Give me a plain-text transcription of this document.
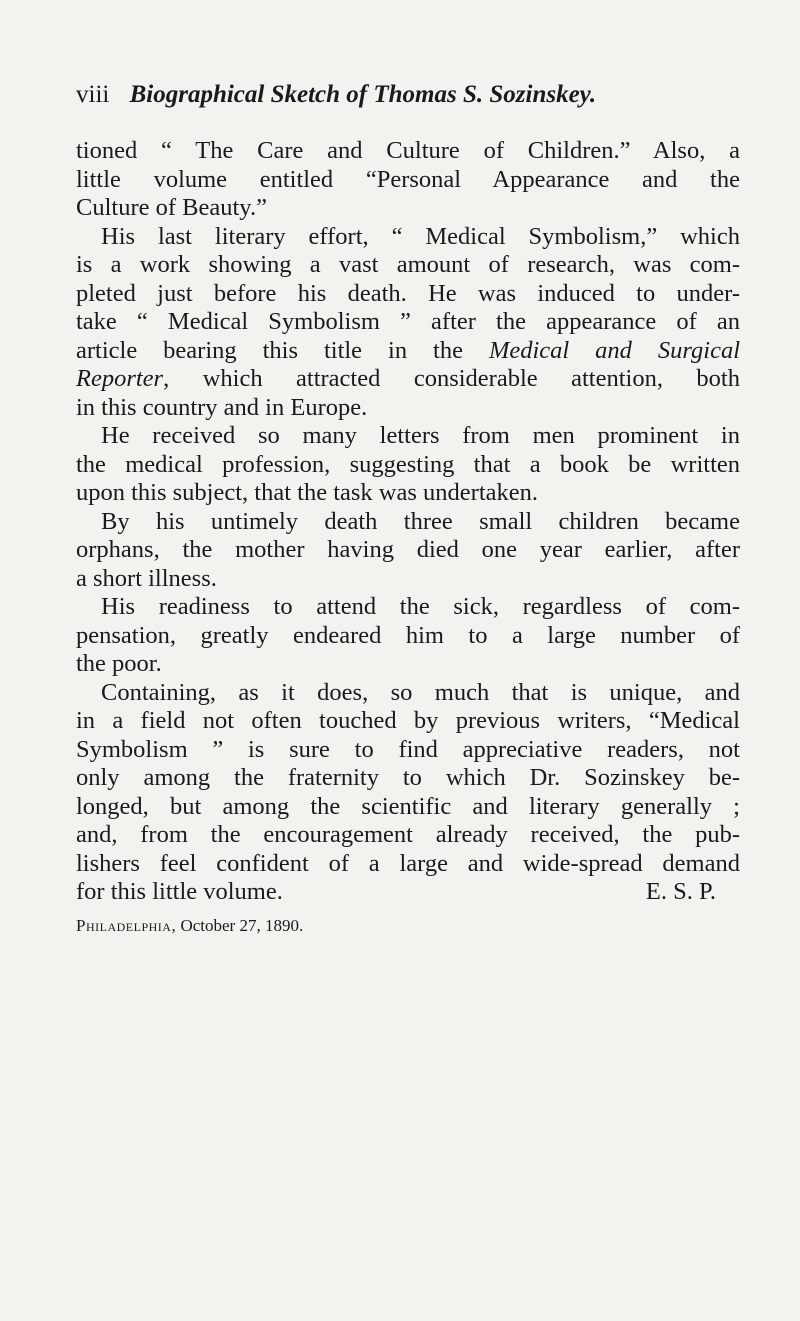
viii Biographical Sketch of Thomas S. Sozinskey.
tioned “ The Care and Culture of Children.” Also, a
little volume entitled “Personal Appearance and the
Culture of Beauty.”
His last literary effort, “ Medical Symbolism,” which
is a work showing a vast amount of research, was com-
pleted just before his death. He was induced to under-
take “ Medical Symbolism ” after the appearance of an
article bearing this title in the Medical and Surgical
Reporter, which attracted considerable attention, both
in this country and in Europe.
He received so many letters from men prominent in
the medical profession, suggesting that a book be written
upon this subject, that the task was undertaken.
By his untimely death three small children became
orphans, the mother having died one year earlier, after
a short illness.
His readiness to attend the sick, regardless of com-
pensation, greatly endeared him to a large number of
the poor.
Containing, as it does, so much that is unique, and
in a field not often touched by previous writers, “Medical
Symbolism ” is sure to find appreciative readers, not
only among the fraternity to which Dr. Sozinskey be-
longed, but among the scientific and literary generally ;
and, from the encouragement already received, the pub-
lishers feel confident of a large and wide-spread demand
for this little volume.	E. S. P.
Philadelphia, October 27, 1890.
